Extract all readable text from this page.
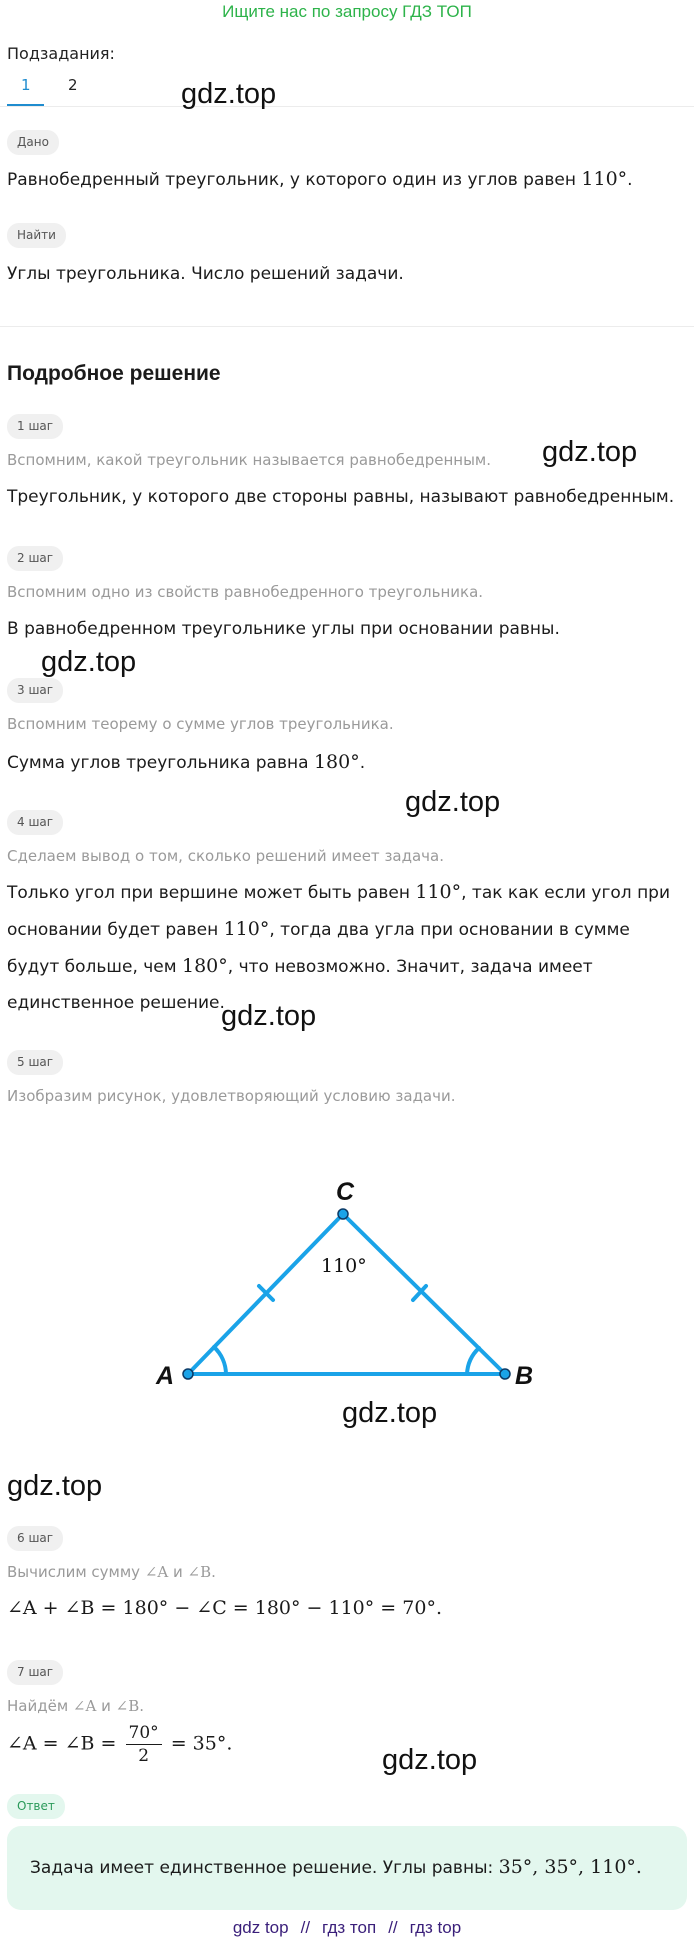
Ищите нас по запросу ГДЗ ТОП
Подзадания:
1 2	gdz.top
Дано
Равнобедренный треугольник, у которого один из углов равен 110°.
Найти
Углы треугольника. Число решений задачи.
Подробное решение
1 шаг
Вспомним, какой треугольник называется равнобедренным. gdz.top
Треугольник, у которого две стороны равны, называют равнобедренным.
2 шаг
Вспомним одно из свойств равнобедренного треугольника.
В равнобедренном треугольнике углы при основании равны.
gdz.top
3 шаг
Вспомним теорему о сумме углов треугольника.
Сумма углов треугольника равна 180°.
gdz.top
4 шаг
Сделаем вывод о том, сколько решений имеет задача.
Только угол при вершине может быть равен 110°, так как если угол при основании будет равен 110°, тогда два угла при основании в сумме будут больше, чем 180°, что невозможно. Значит, задача имеет единственное решение.
gdz.top
5 шаг
Изобразим рисунок, удовлетворяющий условию задачи.
A	B
C
110°
gdz.top
gdz.top
6 шаг
Вычислим сумму ∠A и ∠B.
∠A + ∠B = 180° − ∠C = 180° − 110° = 70°.
7 шаг
Найдём ∠A и ∠B.
∠A = ∠B = $\frac{70^\circ}{2} = 35^\circ$.
gdz.top
Ответ
Задача имеет единственное решение. Углы равны: 35°, 35°, 110°.
gdz top // гдз топ // гдз top
